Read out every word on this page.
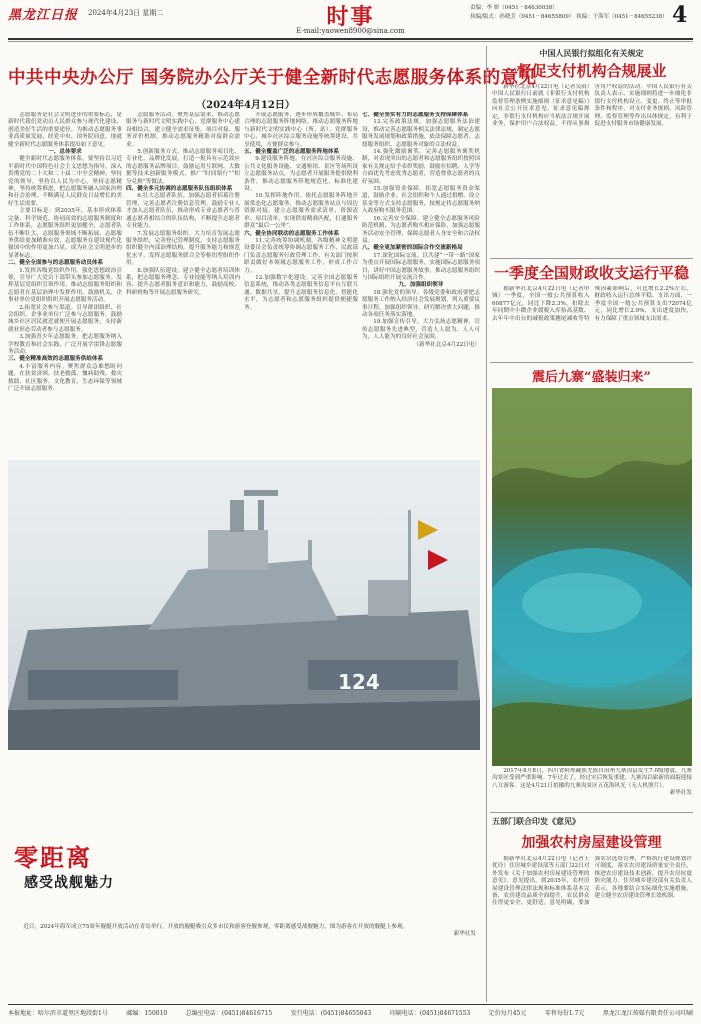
黑龙江日报 2024年4月23日 星期二	时事
E-mail:yaowen8900@sina.com
责编：李 妍（0451－84630038）
执编/版式：孙晓芳（0451－84655809） 执编：于海军（0451－84655238） 4
中共中央办公厅 国务院办公厅关于健全新时代志愿服务体系的意见
（2024年4月12日）

志愿服务是社会文明进步的重要标志，是新时代我们党动员人民群众参与现代化建设、创造美好生活的重要途径。为推动志愿服务事业高质量发展，经党中央、国务院同意，现就健全新时代志愿服务体系提出如下意见。

一、总体要求

健全新时代志愿服务体系，要坚持以习近平新时代中国特色社会主义思想为指导，深入贯彻党的二十大和二十届二中全会精神，坚持党的领导，坚持以人民为中心，坚持志愿精神，坚持统筹推进，把志愿服务融入国家治理和社会治理，不断满足人民群众日益增长的美好生活需要。

主要目标是：到2035年，基本形成体系完备、科学规范、协同高效的志愿服务制度和工作体系，志愿服务组织更加健全，志愿者队伍不断壮大，志愿服务领域不断拓展，志愿服务供给更加精准有效，志愿服务在建设现代化强国中的作用更加凸显，成为社会文明进步的显著标志。

二、健全全面参与的志愿服务动员体系

1.发挥各级党组织作用。强化思想政治引领，引导广大党员干部带头参加志愿服务。发挥基层党组织引领作用，推动志愿服务组织和志愿者在基层治理中发挥作用。鼓励机关、企事业单位党组织组织开展志愿服务活动。

2.拓宽社会参与渠道。引导群团组织、社会组织、企事业单位广泛参与志愿服务，鼓励城乡社区居民就近就便开展志愿服务，支持新就业形态劳动者参与志愿服务。

3.加强青少年志愿服务。把志愿服务纳入学校教育和社会实践，广泛开展学雷锋志愿服务活动。

三、健全精准高效的志愿服务供给体系

4.丰富服务内容。聚焦群众急难愁盼问题，在扶贫济困、扶老救孤、恤病助残、救灾救助、社区服务、文化教育、生态环保等领域广泛开展志愿服务。

志愿服务活动。聚焦基层需求，推动志愿服务与新时代文明实践中心、党群服务中心建设相结合，建立健全需求征集、项目对接、服务评价机制，推动志愿服务精准对接群众需求。

5.创新服务方式。推动志愿服务项目化、专业化、品牌化发展，打造一批具有示范效应的志愿服务品牌项目。鼓励运用互联网、大数据等技术创新服务模式，推广“时间银行”“积分兑换”等做法。

四、健全多元协调的志愿服务队伍组织体系

6.壮大志愿者队伍。加强志愿者招募注册管理，完善志愿者注册信息管理，鼓励专业人才加入志愿者队伍，推动形成专业志愿者与普通志愿者相结合的队伍结构，不断提升志愿者专业能力。

7.发展志愿服务组织。大力培育发展志愿服务组织，完善登记管理制度，支持志愿服务组织健全内部治理结构，提升服务能力和规范化水平，发挥志愿服务联合会等枢纽型组织作用。

8.加强队伍建设。建立健全志愿者培训体系，把志愿服务理念、专业技能等纳入培训内容，提升志愿者服务意识和能力，鼓励高校、科研机构等开展志愿服务研究。

开展志愿服务，逐步形成覆盖城乡、布局合理的志愿服务阵地网络。推动志愿服务阵地与新时代文明实践中心（所、站）、党群服务中心、城乡社区综合服务设施等统筹建设、共享使用，方便群众参与。

五、健全覆盖广泛的志愿服务阵地体系

9.建设服务阵地。在社区综合服务设施、公共文化服务设施、交通枢纽、景区等场所设立志愿服务站点，为志愿者开展服务提供便利条件，推动志愿服务阵地规范化、标准化建设。

10.发挥阵地作用。依托志愿服务阵地开展常态化志愿服务，推动志愿服务站点与周边资源对接，建立志愿服务需求清单、资源清单、项目清单，实现供需精准匹配，打通服务群众“最后一公里”。

六、健全协同联动的志愿服务工作体系

11.完善统筹协调机制。各级精神文明建设委员会负责统筹协调志愿服务工作，民政部门负责志愿服务行政管理工作，有关部门按照职责做好本领域志愿服务工作，形成工作合力。

12.加强数字化建设。完善全国志愿服务信息系统，推动各类志愿服务信息平台互联互通、数据共享，提升志愿服务信息化、智能化水平，为志愿者和志愿服务组织提供便捷服务。

七、健全坚实有力的志愿服务支持保障体系

13.完善政策法规。加强志愿服务法治建设，推动完善志愿服务相关法律法规，制定志愿服务发展规划和政策措施，依法保障志愿者、志愿服务组织、志愿服务对象的合法权益。

14.强化激励褒奖。完善志愿服务褒奖机制，对表现突出的志愿者和志愿服务组织按照国家有关规定给予表彰奖励，鼓励在招聘、入学等方面优先考虑优秀志愿者，营造尊重志愿者的良好氛围。

15.加强资金保障。拓宽志愿服务资金渠道，鼓励企业、社会组织和个人通过捐赠、设立基金等方式支持志愿服务，按规定将志愿服务纳入政府购买服务范围。

16.完善安全保障。建立健全志愿服务风险防范机制，为志愿者购买相应保险，加强志愿服务活动安全管理，保障志愿者人身安全和合法权益。

八、健全更加紧密的国际合作交流新格局

17.深化国际交流。以共建“一带一路”国家为重点开展国际志愿服务，实施国际志愿服务项目，讲好中国志愿服务故事，推动志愿服务组织与国际组织开展交流合作。

九、加强组织领导

18.强化党的领导。各级党委和政府要把志愿服务工作纳入经济社会发展规划，列入重要议事日程，加强组织领导，研究解决重大问题，推动各项任务落实落地。

19.加强宣传引导。大力弘扬志愿精神，宣传志愿服务先进典型，营造人人愿为、人人可为、人人能为的良好社会氛围。

（新华社北京4月22日电）

124
零距离
感受战舰魅力

近日，2024年海军成立75周年舰艇开放活动在青岛举行，开放的舰艇吸引众多市民和游客登舰参观，零距离感受战舰魅力。图为游客在开放的舰艇上参观。

新华社发

中国人民银行拟组化有关规定
督促支付机构合规展业

新华社北京4月22日电（记者吴雨）中国人民银行日前就《非银行支付机构监督管理条例实施细则（征求意见稿）》向社会公开征求意见。征求意见稿规定，非银行支付机构应当依法合规开展业务，保护用户合法权益，不得从事损害用户权益的活动。中国人民银行有关负责人表示，实施细则将进一步细化非银行支付机构设立、变更、终止等审批条件和程序，对支付业务规则、风险管理、监督管理等作出具体规定，有利于促进支付服务市场健康发展。

一季度全国财政收支运行平稳

据新华社北京4月22日电（记者申铖）一季度，全国一般公共预算收入60877亿元，同比下降2.3%，扣除去年同期中小微企业缓税入库抬高基数、去年年中出台的减税政策翘尾减收等特殊因素影响后，可比增长2.2%左右，财政收入运行总体平稳。支出方面，一季度全国一般公共预算支出72074亿元，同比增长2.9%，支出进度加快，有力保障了重点领域支出需求。

震后九寨“盛装归来”

2017年8月8日，四川省阿坝藏族羌族自治州九寨沟县发生7.0级地震，九寨沟景区受到严重影响。7年过去了，经过灾后恢复重建，九寨沟以崭新的面貌迎接八方游客。这是4月21日拍摄的九寨沟景区五花海风光（无人机照片）。

新华社发

五部门联合印发《意见》
加强农村房屋建设管理

据新华社北京4月22日电（记者王优玲）住房城乡建设部等五部门22日对外发布《关于加强农村房屋建设管理的意见》。意见提出，到2035年，农村房屋建设管理法律法规和标准体系基本完备，农房建设品质全面提升，农民群众住得更安全、更舒适。意见明确，要加强农房选址管理，严格执行建设规划许可制度，落实农房建设质量安全责任，推进农房建设技术创新，提升农房抗震防灾能力。住房城乡建设部有关负责人表示，各地要结合实际细化实施措施，建立健全农房建设管理长效机制。

本报地址：哈尔滨市道里区地段街1号	邮编：150010	总编室电话：(0451)84616715	发行电话：(0451)84655043	印刷电话：(0451)84671553	定价每月45元	零售每份1.7元	黑龙江龙江传媒有限责任公司印刷
